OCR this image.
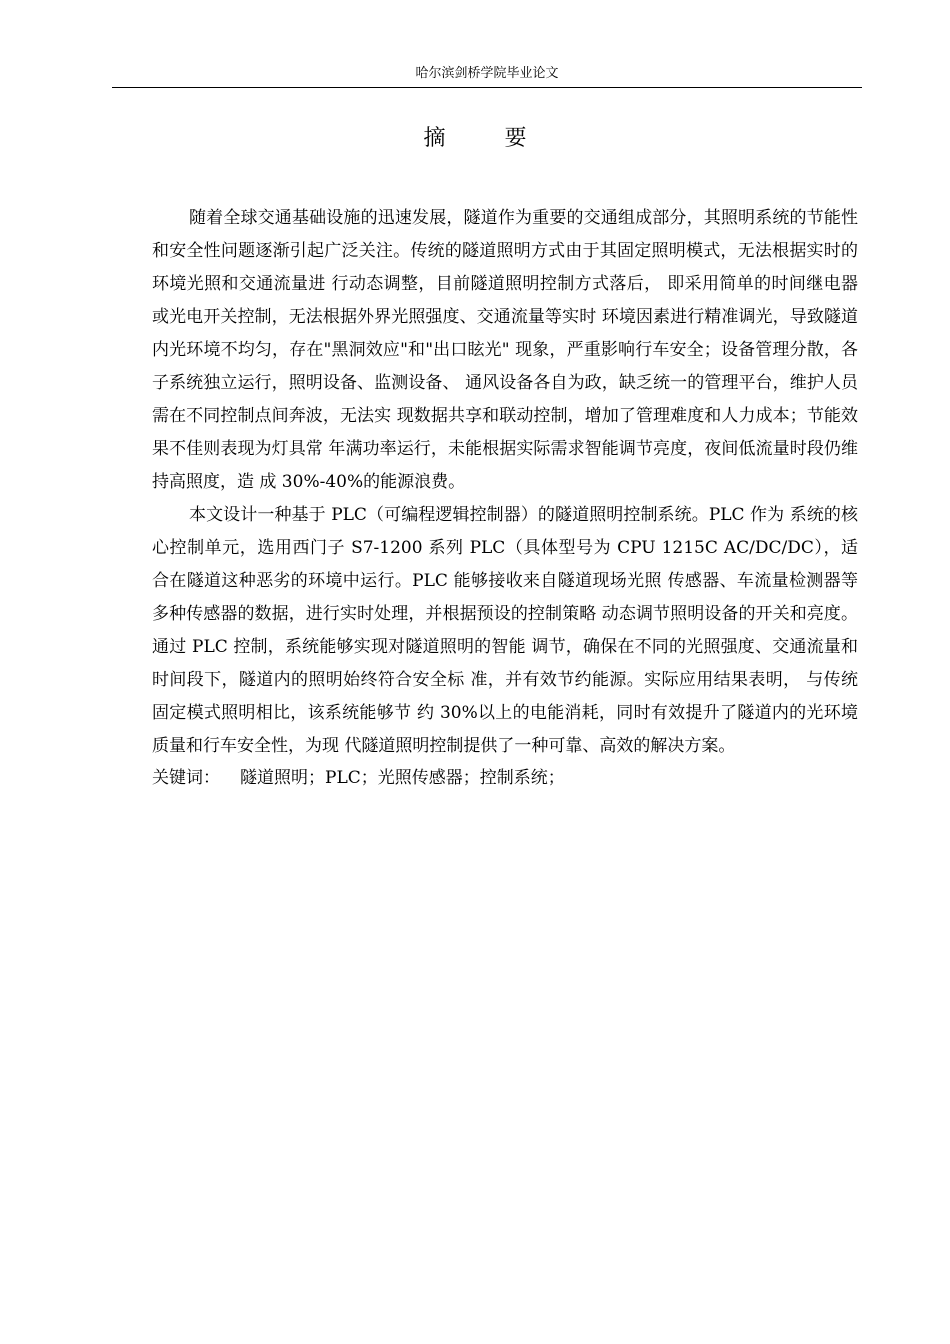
哈尔滨剑桥学院毕业论文
摘 要

随着全球交通基础设施的迅速发展，隧道作为重要的交通组成部分，其照明系统的节能性和安全性问题逐渐引起广泛关注。传统的隧道照明方式由于其固定照明模式，无法根据实时的环境光照和交通流量进 行动态调整，目前隧道照明控制方式落后， 即采用简单的时间继电器或光电开关控制，无法根据外界光照强度、交通流量等实时 环境因素进行精准调光，导致隧道内光环境不均匀，存在"黑洞效应"和"出口眩光" 现象，严重影响行车安全；设备管理分散，各子系统独立运行，照明设备、监测设备、 通风设备各自为政，缺乏统一的管理平台，维护人员需在不同控制点间奔波，无法实 现数据共享和联动控制，增加了管理难度和人力成本；节能效果不佳则表现为灯具常 年满功率运行，未能根据实际需求智能调节亮度，夜间低流量时段仍维持高照度，造 成 30%-40%的能源浪费。

本文设计一种基于 PLC（可编程逻辑控制器）的隧道照明控制系统。PLC 作为 系统的核心控制单元，选用西门子 S7-1200 系列 PLC（具体型号为 CPU 1215C AC/DC/DC），适合在隧道这种恶劣的环境中运行。PLC 能够接收来自隧道现场光照 传感器、车流量检测器等多种传感器的数据，进行实时处理，并根据预设的控制策略 动态调节照明设备的开关和亮度。通过 PLC 控制，系统能够实现对隧道照明的智能 调节，确保在不同的光照强度、交通流量和时间段下，隧道内的照明始终符合安全标 准，并有效节约能源。实际应用结果表明， 与传统固定模式照明相比，该系统能够节 约 30%以上的电能消耗，同时有效提升了隧道内的光环境质量和行车安全性，为现 代隧道照明控制提供了一种可靠、高效的解决方案。

关键词： 隧道照明；PLC；光照传感器；控制系统；
